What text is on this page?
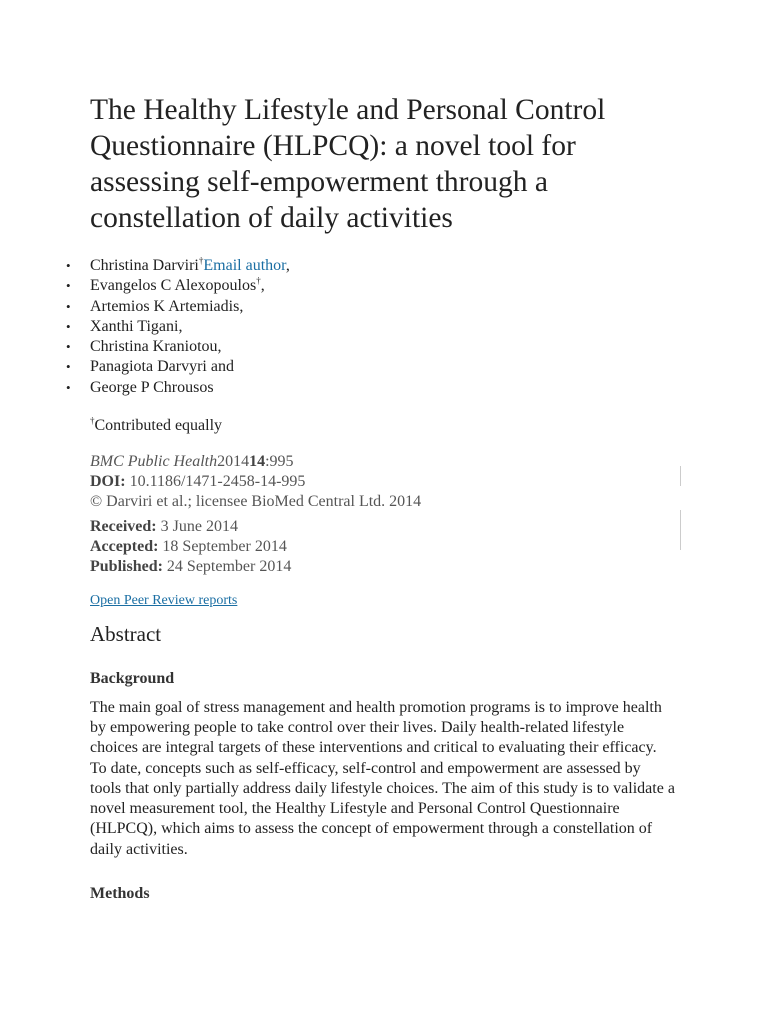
The Healthy Lifestyle and Personal Control Questionnaire (HLPCQ): a novel tool for assessing self-empowerment through a constellation of daily activities
• Christina Darviri†Email author,
• Evangelos C Alexopoulos†,
• Artemios K Artemiadis,
• Xanthi Tigani,
• Christina Kraniotou,
• Panagiota Darvyri and
• George P Chrousos
†Contributed equally
BMC Public Health201414:995
DOI: 10.1186/1471-2458-14-995
© Darviri et al.; licensee BioMed Central Ltd. 2014
Received: 3 June 2014
Accepted: 18 September 2014
Published: 24 September 2014
Open Peer Review reports
Abstract
Background

The main goal of stress management and health promotion programs is to improve health by empowering people to take control over their lives. Daily health-related lifestyle choices are integral targets of these interventions and critical to evaluating their efficacy. To date, concepts such as self-efficacy, self-control and empowerment are assessed by tools that only partially address daily lifestyle choices. The aim of this study is to validate a novel measurement tool, the Healthy Lifestyle and Personal Control Questionnaire (HLPCQ), which aims to assess the concept of empowerment through a constellation of daily activities.

Methods
